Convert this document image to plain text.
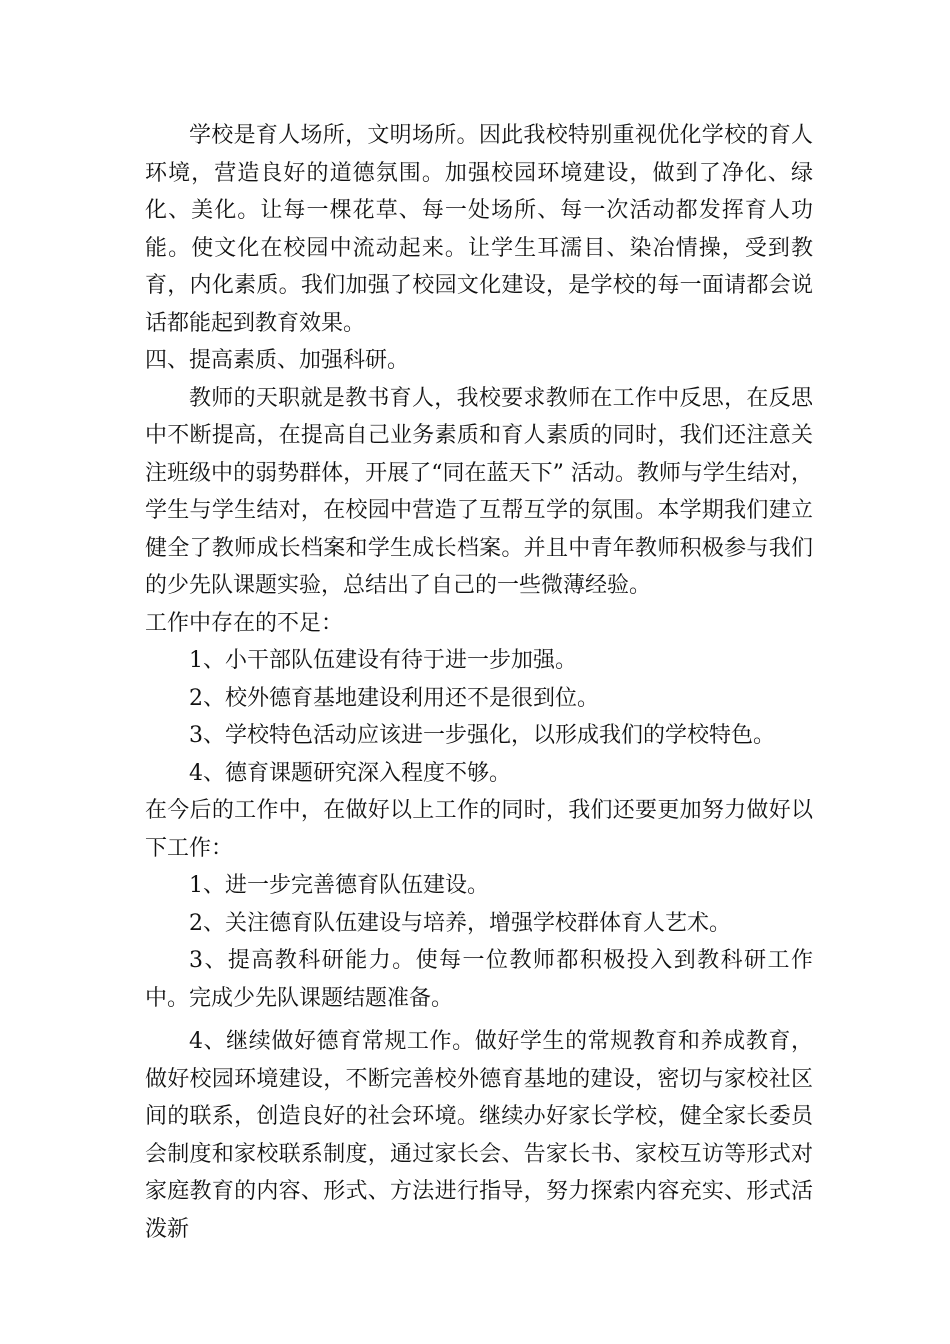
学校是育人场所，文明场所。因此我校特别重视优化学校的育人环境，营造良好的道德氛围。加强校园环境建设，做到了净化、绿化、美化。让每一棵花草、每一处场所、每一次活动都发挥育人功能。使文化在校园中流动起来。让学生耳濡目、染冶情操，受到教育，内化素质。我们加强了校园文化建设，是学校的每一面请都会说话都能起到教育效果。

四、提高素质、加强科研。

教师的天职就是教书育人，我校要求教师在工作中反思，在反思中不断提高，在提高自己业务素质和育人素质的同时，我们还注意关注班级中的弱势群体，开展了“同在蓝天下” 活动。教师与学生结对，学生与学生结对，在校园中营造了互帮互学的氛围。本学期我们建立健全了教师成长档案和学生成长档案。并且中青年教师积极参与我们的少先队课题实验，总结出了自己的一些微薄经验。

工作中存在的不足：

1、小干部队伍建设有待于进一步加强。

2、校外德育基地建设利用还不是很到位。

3、学校特色活动应该进一步强化，以形成我们的学校特色。

4、德育课题研究深入程度不够。

在今后的工作中，在做好以上工作的同时，我们还要更加努力做好以下工作：

1、进一步完善德育队伍建设。

2、关注德育队伍建设与培养，增强学校群体育人艺术。

3、提高教科研能力。使每一位教师都积极投入到教科研工作中。完成少先队课题结题准备。

4、继续做好德育常规工作。做好学生的常规教育和养成教育，做好校园环境建设，不断完善校外德育基地的建设，密切与家校社区间的联系，创造良好的社会环境。继续办好家长学校，健全家长委员会制度和家校联系制度，通过家长会、告家长书、家校互访等形式对家庭教育的内容、形式、方法进行指导，努力探索内容充实、形式活泼新
